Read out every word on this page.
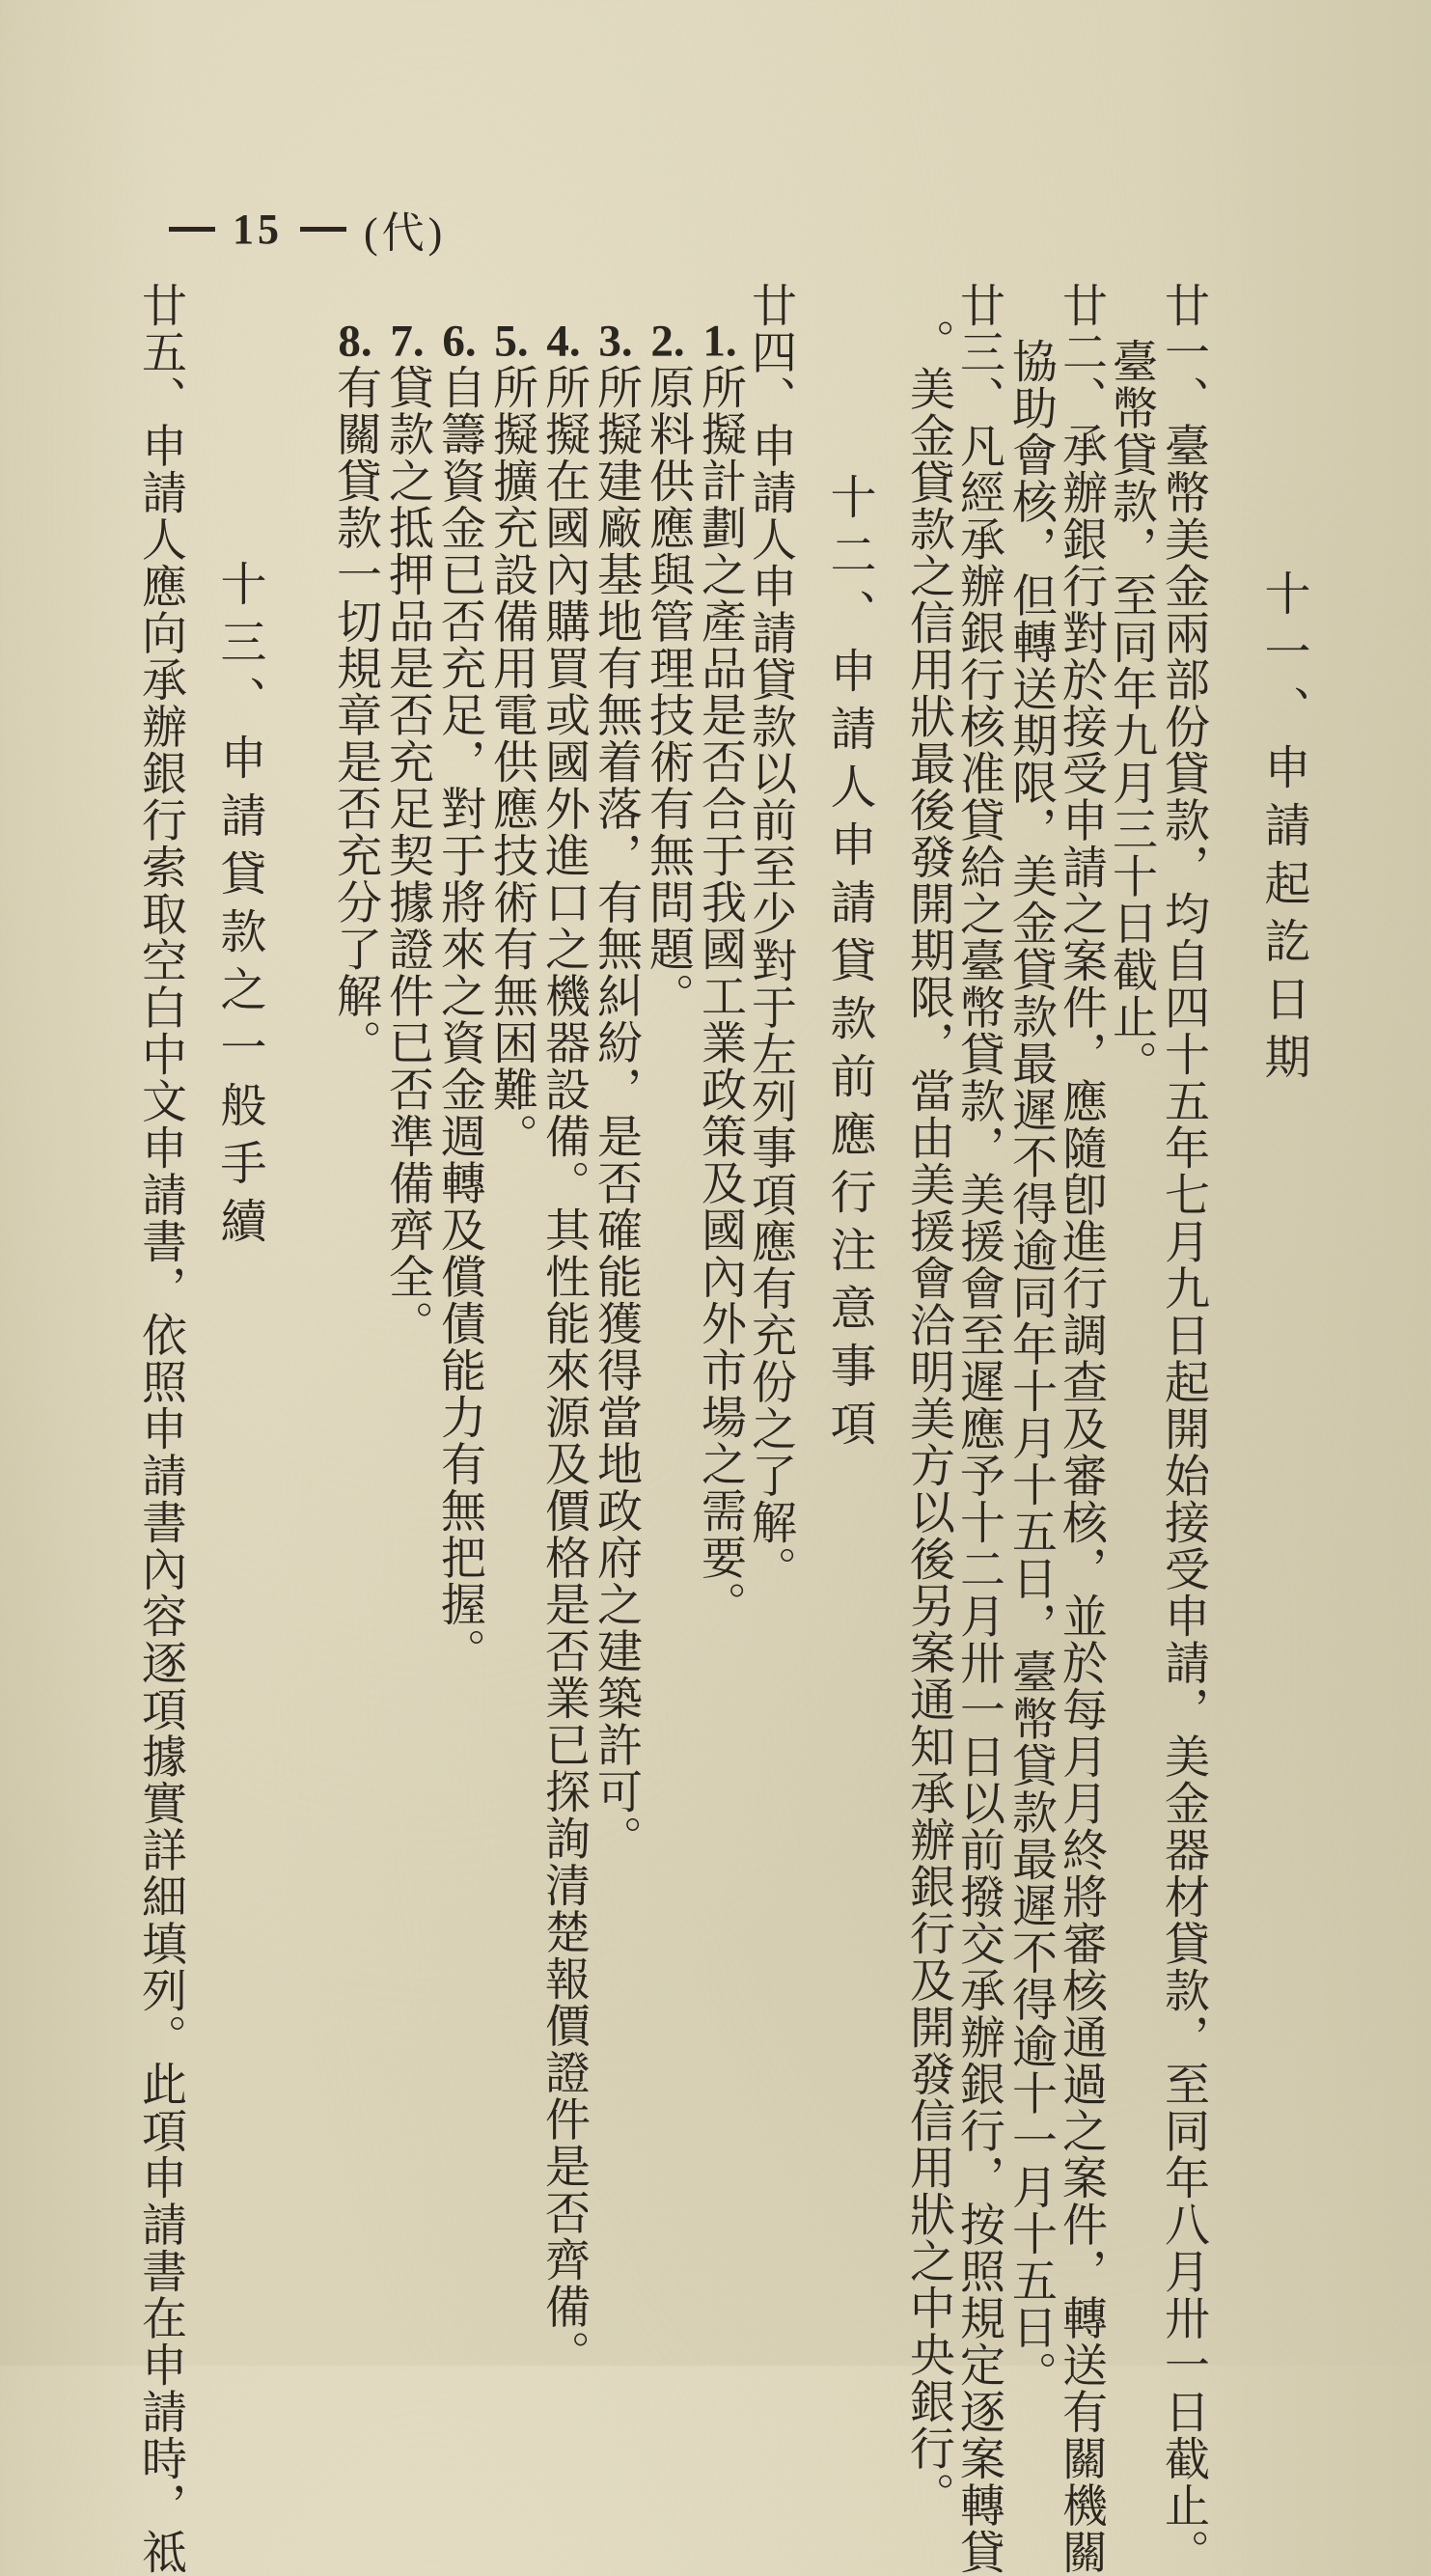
15 (代)
十一、申請起訖日期
廿一、臺幣美金兩部份貸款，均自四十五年七月九日起開始接受申請，美金器材貸款，至同年八月卅一日截止。
臺幣貸款，至同年九月三十日截止。
廿二、承辦銀行對於接受申請之案件，應隨卽進行調查及審核，並於每月月終將審核通過之案件，轉送有關機關
協助會核，但轉送期限，美金貸款最遲不得逾同年十月十五日，臺幣貸款最遲不得逾十一月十五日。
廿三、凡經承辦銀行核准貸給之臺幣貸款，美援會至遲應予十二月卅一日以前撥交承辦銀行，按照規定逐案轉貸
。美金貸款之信用狀最後發開期限，當由美援會洽明美方以後另案通知承辦銀行及開發信用狀之中央銀行。
十二、申請人申請貸款前應行注意事項
廿四、申請人申請貸款以前至少對于左列事項應有充份之了解。
1.所擬計劃之產品是否合于我國工業政策及國內外市場之需要。
2.原料供應與管理技術有無問題。
3.所擬建廠基地有無着落，有無糾紛，是否確能獲得當地政府之建築許可。
4.所擬在國內購買或國外進口之機器設備。其性能來源及價格是否業已探詢清楚報價證件是否齊備。
5.所擬擴充設備用電供應技術有無困難。
6.自籌資金已否充足，對于將來之資金週轉及償債能力有無把握。
7.貸款之抵押品是否充足契據證件已否準備齊全。
8.有關貸款一切規章是否充分了解。
十三、申請貸款之一般手續
廿五、申請人應向承辦銀行索取空白中文申請書，依照申請書內容逐項據實詳細填列。此項申請書在申請時，祗
